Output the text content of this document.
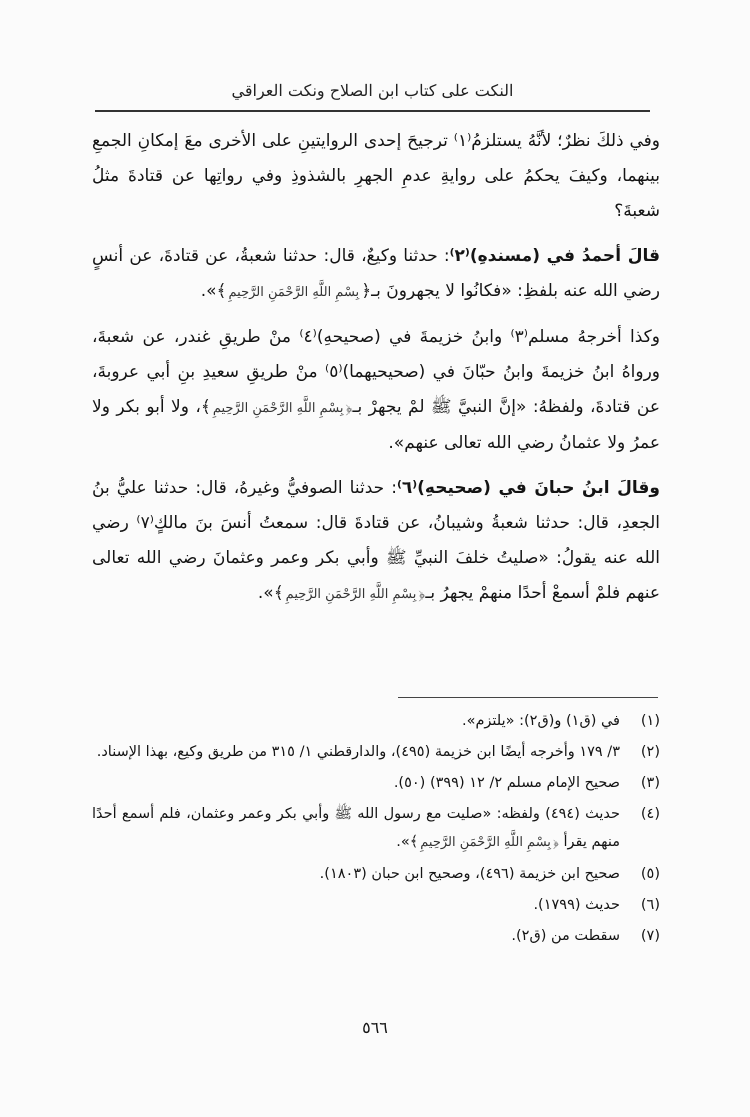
النكت على كتاب ابن الصلاح ونكت العراقي

وفي ذلكَ نظرٌ؛ لأنَّهُ يستلزمُ⁽١⁾ ترجيحَ إحدى الروايتينِ على الأخرى معَ إمكانِ الجمعِ بينهما، وكيفَ يحكمُ على روايةِ عدمِ الجهرِ بالشذوذِ وفي رواتِها عن قتادةَ مثلُ شعبةَ؟

قالَ أحمدُ في (مسندهِ)⁽٢⁾: حدثنا وكيعٌ، قال: حدثنا شعبةُ، عن قتادةَ، عن أنسٍ رضي الله عنه بلفظِ: «فكانُوا لا يجهرونَ بـ﴿بِسْمِ اللَّهِ الرَّحْمَنِ الرَّحِيمِ﴾».

وكذا أخرجهُ مسلم⁽٣⁾ وابنُ خزيمةَ في (صحيحهِ)⁽٤⁾ منْ طريقِ غندر، عن شعبةَ، ورواهُ ابنُ خزيمةَ وابنُ حبّانَ في (صحيحيهما)⁽٥⁾ منْ طريقِ سعيدِ بنِ أبي عروبةَ، عن قتادةَ، ولفظهُ: «إنَّ النبيَّ ﷺ لمْ يجهرْ بـ﴿بِسْمِ اللَّهِ الرَّحْمَنِ الرَّحِيمِ﴾، ولا أبو بكر ولا عمرُ ولا عثمانُ رضي الله تعالى عنهم».

وقالَ ابنُ حبانَ في (صحيحهِ)⁽٦⁾: حدثنا الصوفيُّ وغيرهُ، قال: حدثنا عليُّ بنُ الجعدِ، قال: حدثنا شعبةُ وشيبانُ، عن قتادةَ قال: سمعتُ أنسَ بنَ مالكٍ⁽٧⁾ رضي الله عنه يقولُ: «صليتُ خلفَ النبيِّ ﷺ وأبي بكر وعمر وعثمانَ رضي الله تعالى عنهم فلمْ أسمعْ أحدًا منهمْ يجهرُ بـ﴿بِسْمِ اللَّهِ الرَّحْمَنِ الرَّحِيمِ﴾».

(١)
في (ق١) و(ق٢): «يلتزم».
(٢)
٣/ ١٧٩ وأخرجه أيضًا ابن خزيمة (٤٩٥)، والدارقطني ١/ ٣١٥ من طريق وكيع، بهذا الإسناد.
(٣)
صحيح الإمام مسلم ٢/ ١٢ (٣٩٩) (٥٠).
(٤)
حديث (٤٩٤) ولفظه: «صليت مع رسول الله ﷺ وأبي بكر وعمر وعثمان، فلم أسمع أحدًا منهم يقرأ ﴿بِسْمِ اللَّهِ الرَّحْمَنِ الرَّحِيمِ﴾».
(٥)
صحيح ابن خزيمة (٤٩٦)، وصحيح ابن حبان (١٨٠٣).
(٦)
حديث (١٧٩٩).
(٧)
سقطت من (ق٢).
٥٦٦
